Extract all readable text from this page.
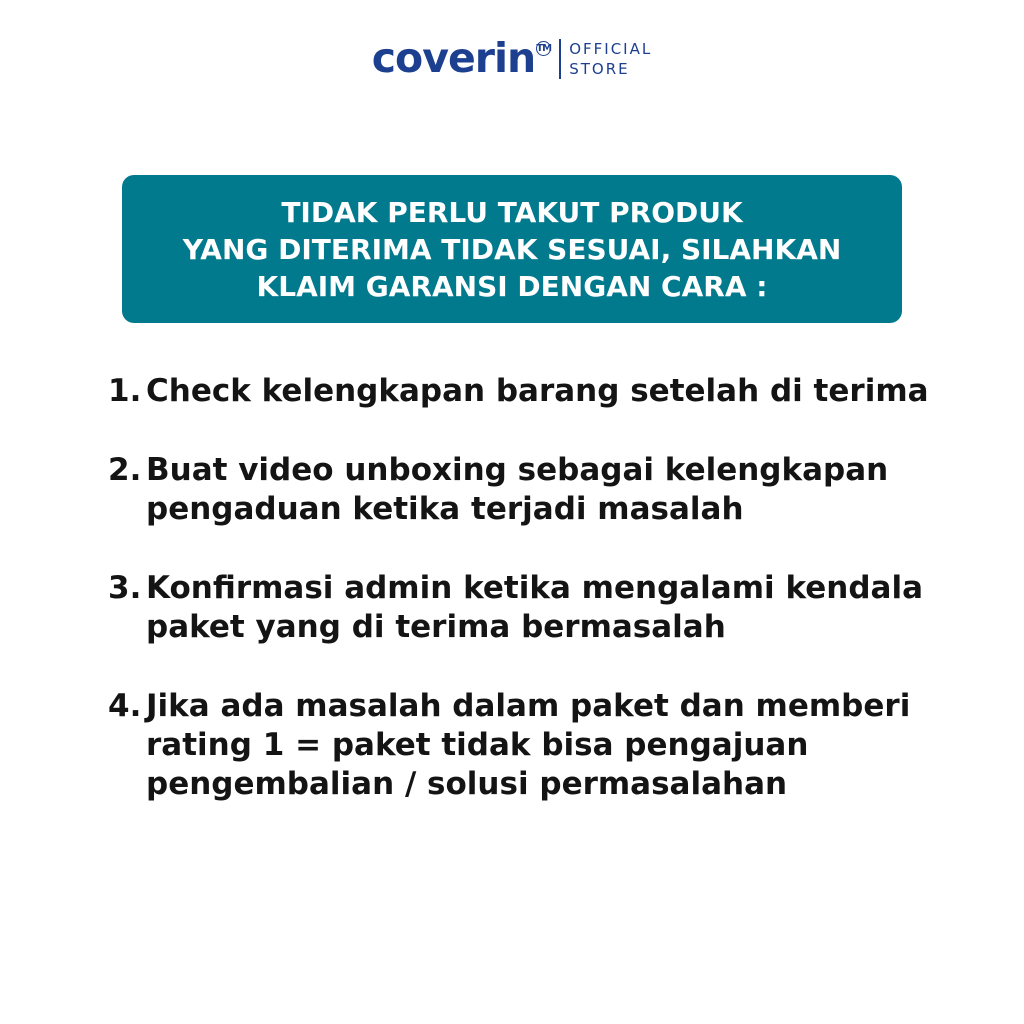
coverin TM OFFICIAL
STORE
TIDAK PERLU TAKUT PRODUK
YANG DITERIMA TIDAK SESUAI, SILAHKAN
KLAIM GARANSI DENGAN CARA :
1. Check kelengkapan barang setelah di terima
2. Buat video unboxing sebagai kelengkapan
pengaduan ketika terjadi masalah
3. Konfirmasi admin ketika mengalami kendala
paket yang di terima bermasalah
4. Jika ada masalah dalam paket dan memberi
rating 1 = paket tidak bisa pengajuan
pengembalian / solusi permasalahan
